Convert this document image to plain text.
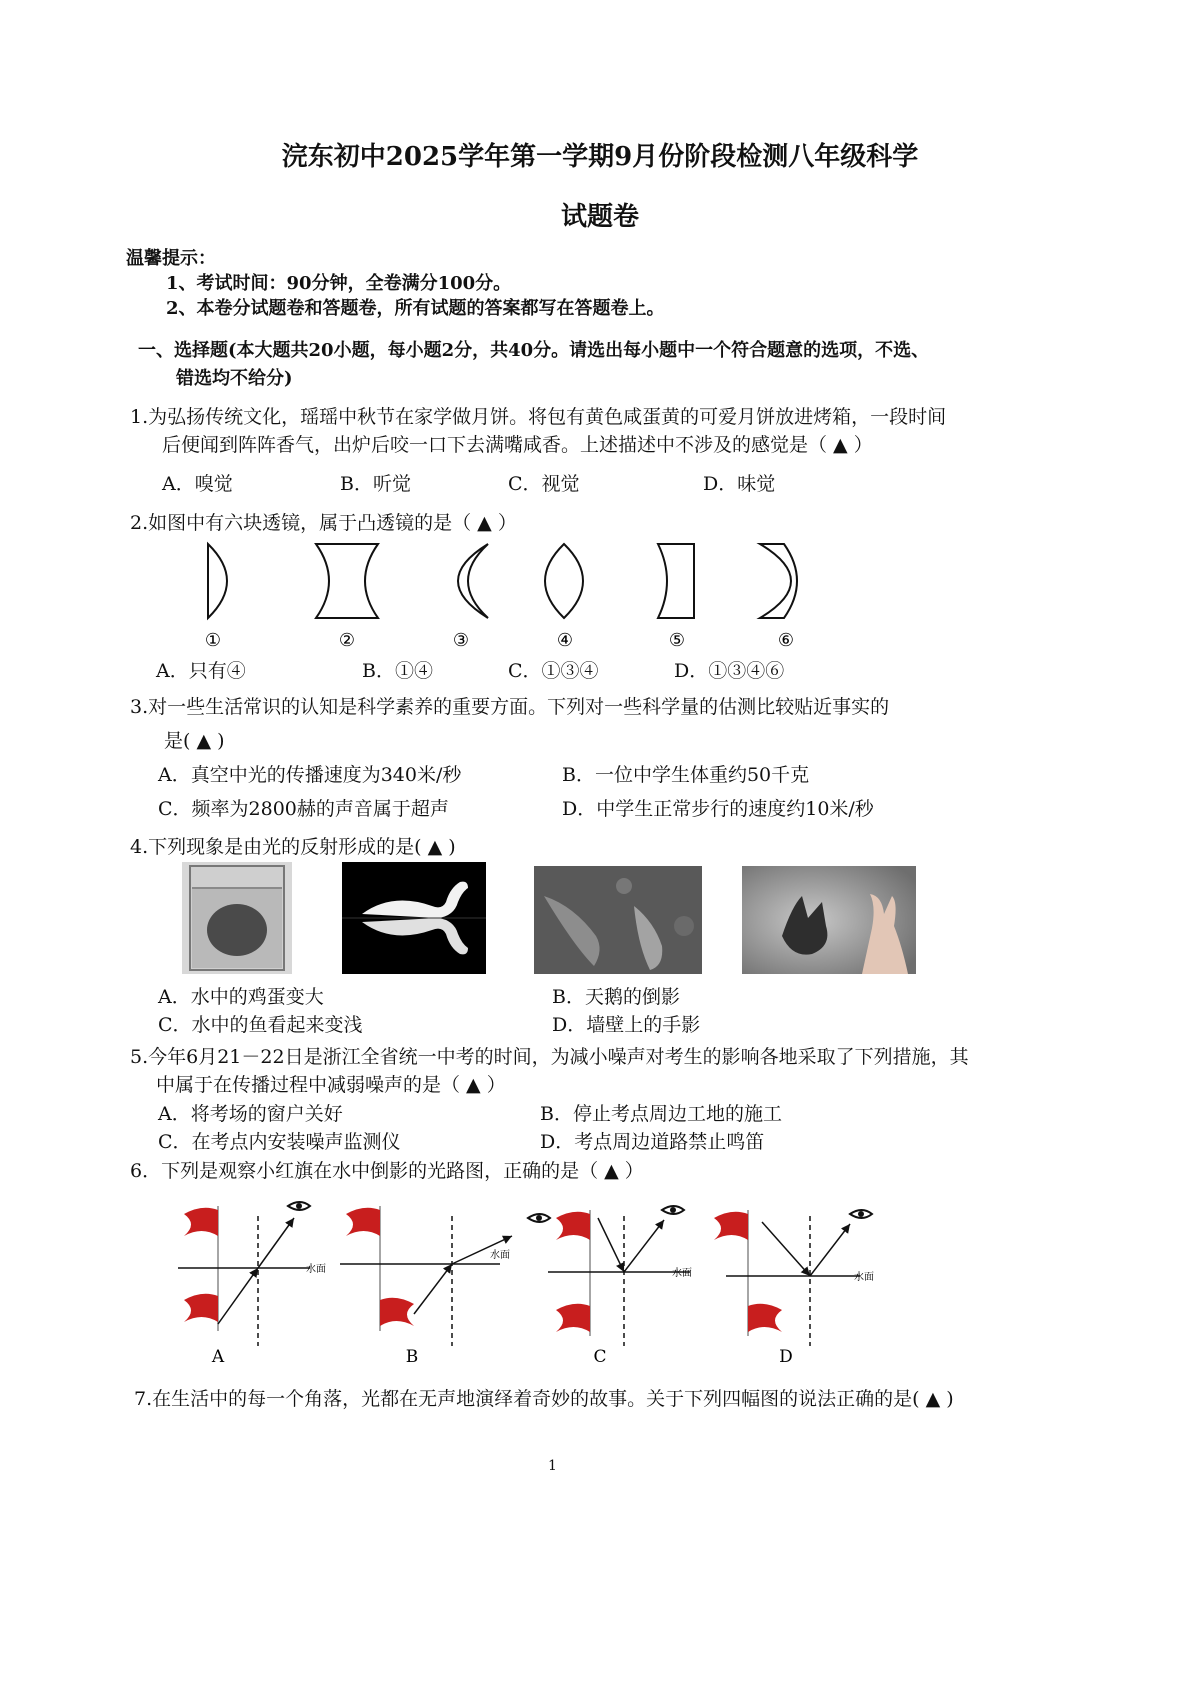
浣东初中2025学年第一学期9月份阶段检测八年级科学
试题卷
温馨提示：
1、考试时间：90分钟，全卷满分100分。
2、本卷分试题卷和答题卷，所有试题的答案都写在答题卷上。
一、选择题(本大题共20小题，每小题2分，共40分。请选出每小题中一个符合题意的选项，不选、
错选均不给分)
1.为弘扬传统文化，瑶瑶中秋节在家学做月饼。将包有黄色咸蛋黄的可爱月饼放进烤箱，一段时间
后便闻到阵阵香气，出炉后咬一口下去满嘴咸香。上述描述中不涉及的感觉是（ ▲ ）
A．嗅觉	B．听觉	C．视觉	D．味觉
2.如图中有六块透镜，属于凸透镜的是（ ▲ ）
①	②	③	④	⑤	⑥
A．只有④	B．①④	C．①③④	D．①③④⑥
3.对一些生活常识的认知是科学素养的重要方面。下列对一些科学量的估测比较贴近事实的
是( ▲ )
A．真空中光的传播速度为340米/秒	B．一位中学生体重约50千克
C．频率为2800赫的声音属于超声	D．中学生正常步行的速度约10米/秒
4.下列现象是由光的反射形成的是( ▲ )
A．水中的鸡蛋变大	B．天鹅的倒影
C．水中的鱼看起来变浅	D．墙壁上的手影
5.今年6月21－22日是浙江全省统一中考的时间，为减小噪声对考生的影响各地采取了下列措施，其
中属于在传播过程中减弱噪声的是（ ▲ ）
A．将考场的窗户关好	B．停止考点周边工地的施工
C．在考点内安装噪声监测仪	D．考点周边道路禁止鸣笛
6．下列是观察小红旗在水中倒影的光路图，正确的是（ ▲ ）
水面
A
水面
B
水面
C
水面
D
7.在生活中的每一个角落，光都在无声地演绎着奇妙的故事。关于下列四幅图的说法正确的是( ▲ )
1
